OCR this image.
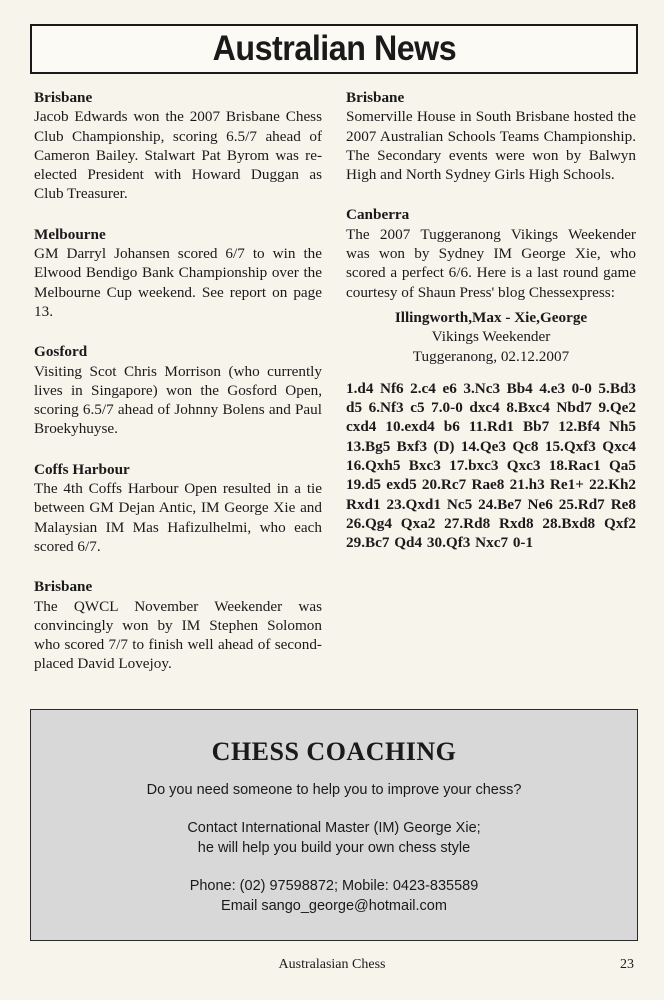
Australian News
Brisbane
Jacob Edwards won the 2007 Brisbane Chess Club Championship, scoring 6.5/7 ahead of Cameron Bailey. Stalwart Pat Byrom was re-elected President with Howard Duggan as Club Treasurer.
Melbourne
GM Darryl Johansen scored 6/7 to win the Elwood Bendigo Bank Championship over the Melbourne Cup weekend. See report on page 13.
Gosford
Visiting Scot Chris Morrison (who currently lives in Singapore) won the Gosford Open, scoring 6.5/7 ahead of Johnny Bolens and Paul Broekyhuyse.
Coffs Harbour
The 4th Coffs Harbour Open resulted in a tie between GM Dejan Antic, IM George Xie and Malaysian IM Mas Hafizulhelmi, who each scored 6/7.
Brisbane
The QWCL November Weekender was convincingly won by IM Stephen Solomon who scored 7/7 to finish well ahead of second-placed David Lovejoy.
Brisbane
Somerville House in South Brisbane hosted the 2007 Australian Schools Teams Championship. The Secondary events were won by Balwyn High and North Sydney Girls High Schools.
Canberra
The 2007 Tuggeranong Vikings Weekender was won by Sydney IM George Xie, who scored a perfect 6/6. Here is a last round game courtesy of Shaun Press' blog Chessexpress:
Illingworth,Max - Xie,George
Vikings Weekender
Tuggeranong, 02.12.2007
1.d4 Nf6 2.c4 e6 3.Nc3 Bb4 4.e3 0-0 5.Bd3 d5 6.Nf3 c5 7.0-0 dxc4 8.Bxc4 Nbd7 9.Qe2 cxd4 10.exd4 b6 11.Rd1 Bb7 12.Bf4 Nh5 13.Bg5 Bxf3 (D) 14.Qe3 Qc8 15.Qxf3 Qxc4 16.Qxh5 Bxc3 17.bxc3 Qxc3 18.Rac1 Qa5 19.d5 exd5 20.Rc7 Rae8 21.h3 Re1+ 22.Kh2 Rxd1 23.Qxd1 Nc5 24.Be7 Ne6 25.Rd7 Re8 26.Qg4 Qxa2 27.Rd8 Rxd8 28.Bxd8 Qxf2 29.Bc7 Qd4 30.Qf3 Nxc7 0-1
CHESS COACHING

Do you need someone to help you to improve your chess?

Contact International Master (IM) George Xie;

he will help you build your own chess style

Phone: (02) 97598872; Mobile: 0423-835589

Email sango_george@hotmail.com

Australasian Chess	23
